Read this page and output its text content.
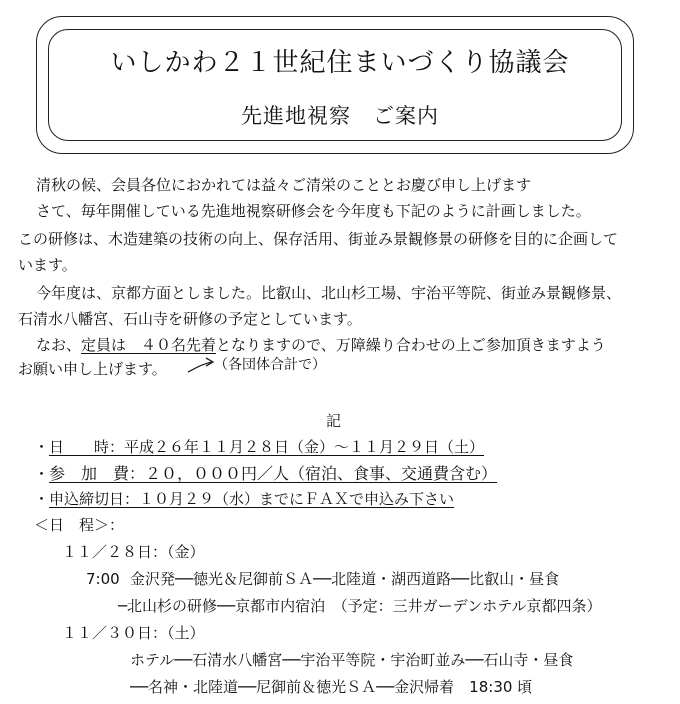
いしかわ２１世紀住まいづくり協議会
先進地視察　ご案内
清秋の候、会員各位におかれては益々ご清栄のこととお慶び申し上げます
さて、毎年開催している先進地視察研修会を今年度も下記のように計画しました。
この研修は、木造建築の技術の向上、保存活用、街並み景観修景の研修を目的に企画して
います。
今年度は、京都方面としました。比叡山、北山杉工場、宇治平等院、街並み景観修景、
石清水八幡宮、石山寺を研修の予定としています。
なお、定員は　４０名先着となりますので、万障繰り合わせの上ご参加頂きますよう
お願い申し上げます。	（各団体合計で）
記
・日　　時：平成２６年１１月２８日（金）～１１月２９日（土）
・参　加　費：２０，０００円／人（宿泊、食事、交通費含む）
・申込締切日：１０月２９（水）までにＦＡＸで申込み下さい
＜日　程＞：
１１／２８日：（金）
7:00 金沢発──徳光＆尼御前ＳＡ──北陸道・湖西道路──比叡山・昼食
─北山杉の研修──京都市内宿泊　（予定：三井ガーデンホテル京都四条）
１１／３０日：（土）
ホテル──石清水八幡宮──宇治平等院・宇治町並み──石山寺・昼食
──名神・北陸道──尼御前＆徳光ＳＡ──金沢帰着　18:30 頃
